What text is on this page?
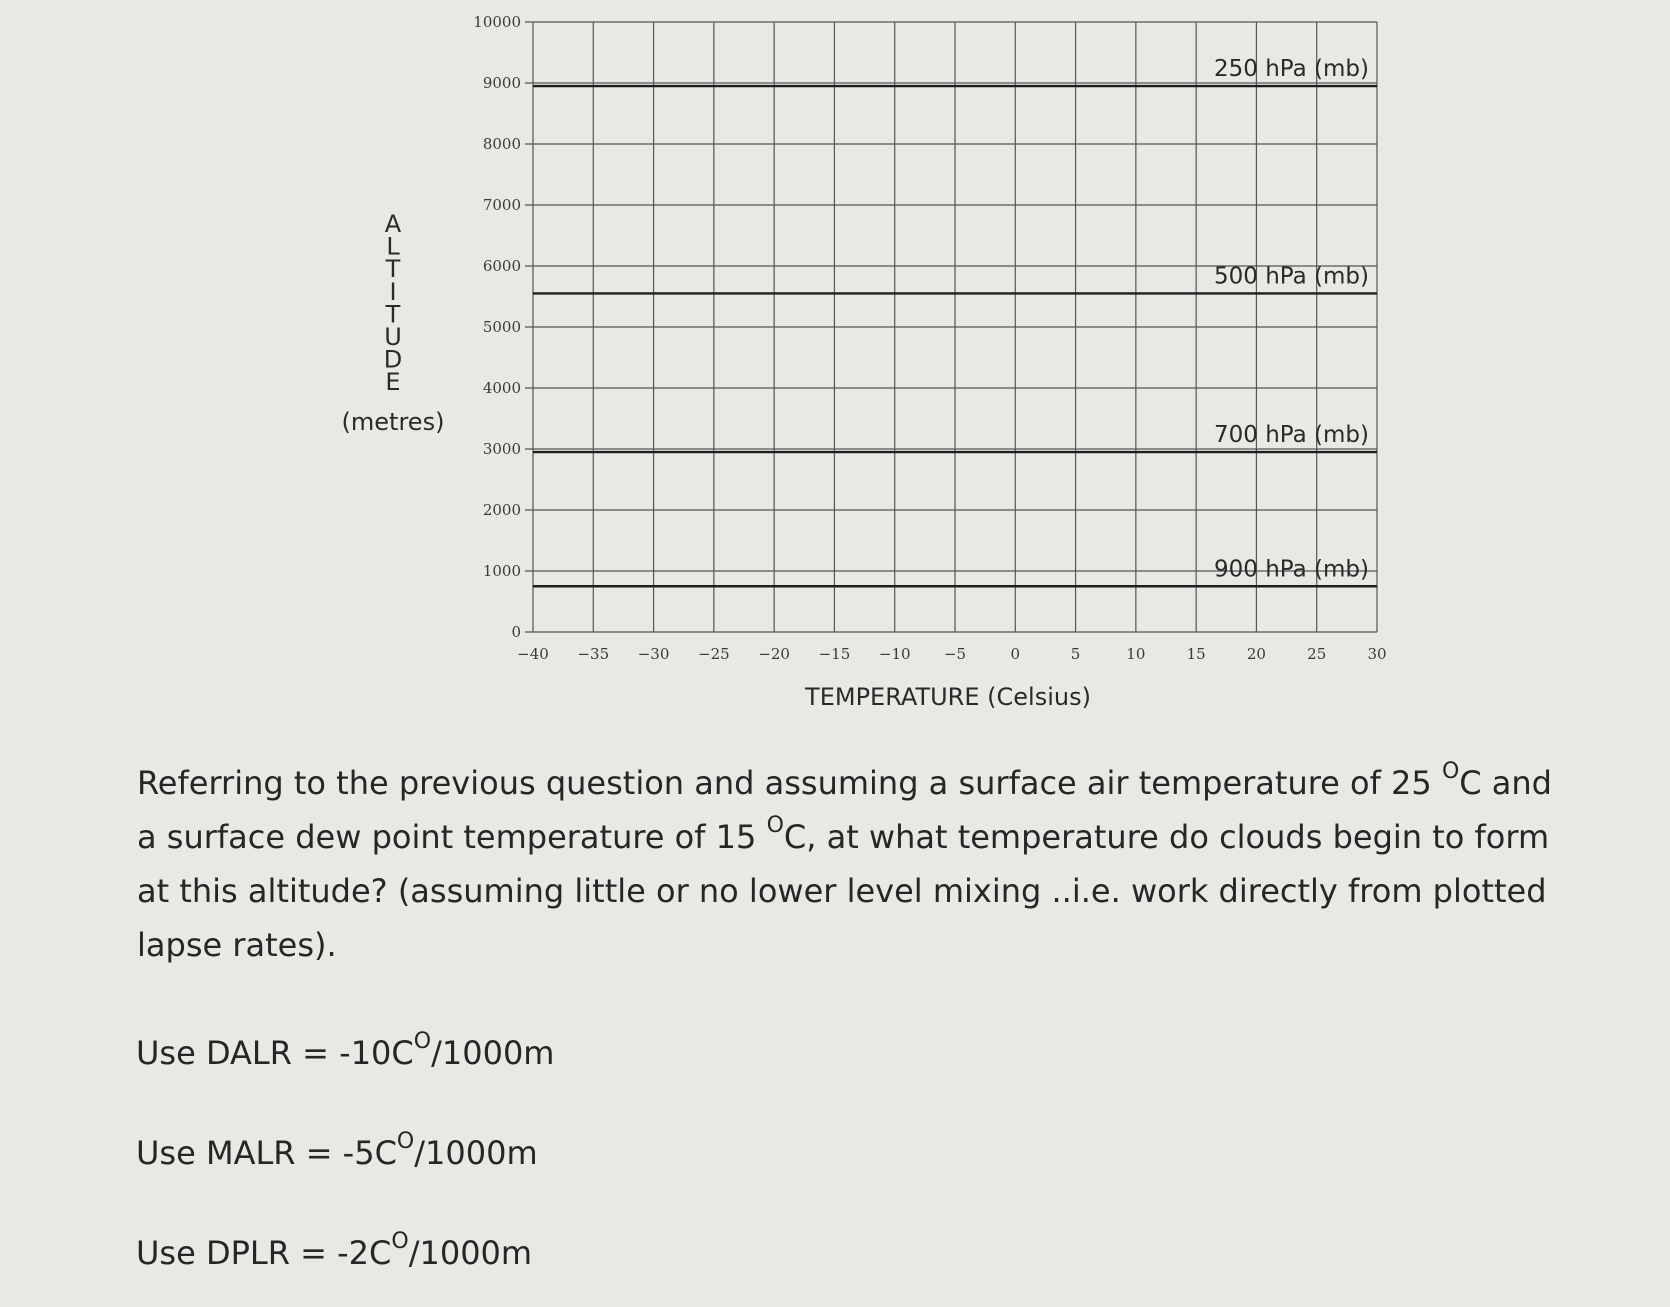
250 hPa (mb)
500 hPa (mb)
700 hPa (mb)
900 hPa (mb)
0
1000
2000
3000
4000
5000
6000
7000
8000
9000
10000
−40 −35 −30 −25 −20 −15 −10 −5	0	5	10	15	20	25	30
A
L
T
I
T
U
D
E
(metres)
TEMPERATURE (Celsius)

Referring to the previous question and assuming a surface air temperature of 25 $^O$C and a surface dew point temperature of 15 $^O$C, at what temperature do clouds begin to form at this altitude? (assuming little or no lower level mixing ..i.e. work directly from plotted lapse rates).

Use DALR = $-10C^O/1000m$
Use MALR = $-5C^O/1000m$
Use DPLR = $-2C^O/1000m$
